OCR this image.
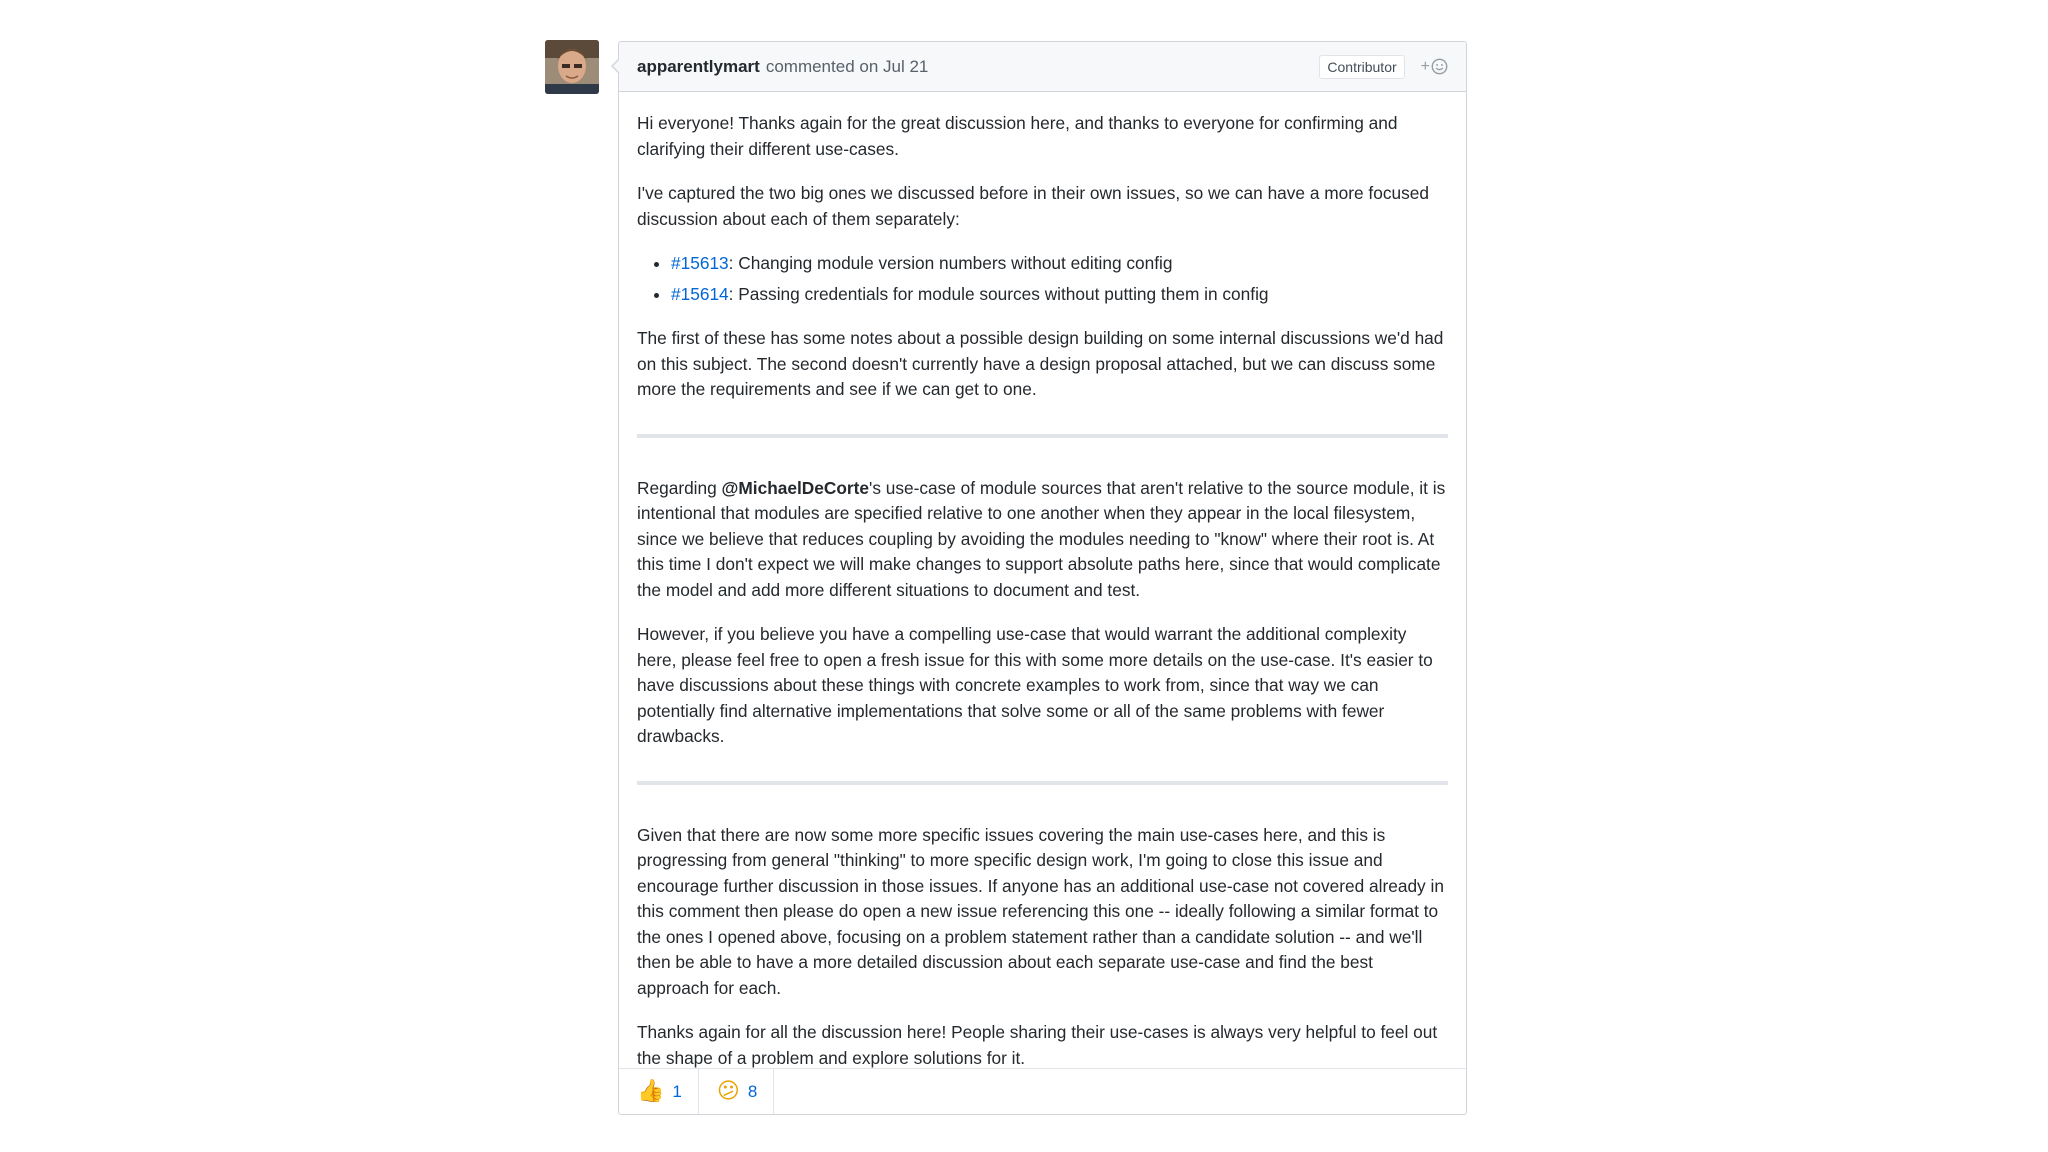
apparentlymart commented
on Jul 21	Contributor	+

Hi everyone! Thanks again for the great discussion here, and thanks to everyone for confirming and clarifying their different use-cases.

I've captured the two big ones we discussed before in their own issues, so we can have a more focused discussion about each of them separately:

• #15613: Changing module version numbers without editing config
• #15614: Passing credentials for module sources without putting them in config

The first of these has some notes about a possible design building on some internal discussions we'd had on this subject. The second doesn't currently have a design proposal attached, but we can discuss some more the requirements and see if we can get to one.

Regarding @MichaelDeCorte's use-case of module sources that aren't relative to the source module, it is intentional that modules are specified relative to one another when they appear in the local filesystem, since we believe that reduces coupling by avoiding the modules needing to "know" where their root is. At this time I don't expect we will make changes to support absolute paths here, since that would complicate the model and add more different situations to document and test.

However, if you believe you have a compelling use-case that would warrant the additional complexity here, please feel free to open a fresh issue for this with some more details on the use-case. It's easier to have discussions about these things with concrete examples to work from, since that way we can potentially find alternative implementations that solve some or all of the same problems with fewer drawbacks.

Given that there are now some more specific issues covering the main use-cases here, and this is progressing from general "thinking" to more specific design work, I'm going to close this issue and encourage further discussion in those issues. If anyone has an additional use-case not covered already in this comment then please do open a new issue referencing this one -- ideally following a similar format to the ones I opened above, focusing on a problem statement rather than a candidate solution -- and we'll then be able to have a more detailed discussion about each separate use-case and find the best approach for each.

Thanks again for all the discussion here! People sharing their use-cases is always very helpful to feel out the shape of a problem and explore solutions for it.

👍 1 😕 8
